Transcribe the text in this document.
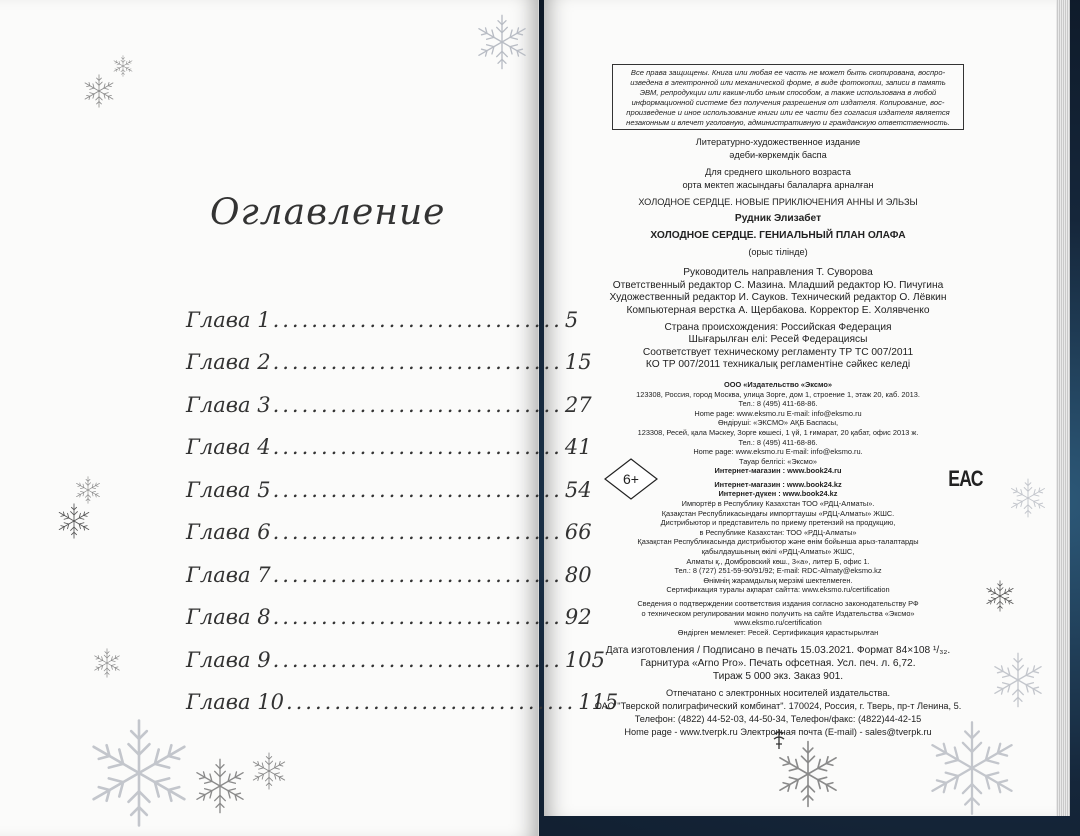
Оглавление
Глава 1 .............................. 5
Глава 2 .............................. 15
Глава 3 .............................. 27
Глава 4 .............................. 41
Глава 5 .............................. 54
Глава 6 .............................. 66
Глава 7 .............................. 80
Глава 8 .............................. 92
Глава 9 .............................. 105
Глава 10 .............................. 115
Все права защищены. Книга или любая ее часть не может быть скопирована, воспро-
изведена в электронной или механической форме, в виде фотокопии, записи в память
ЭВМ, репродукции или каким-либо иным способом, а также использована в любой
информационной системе без получения разрешения от издателя. Копирование, вос-
произведение и иное использование книги или ее части без согласия издателя является
незаконным и влечет уголовную, административную и гражданскую ответственность.
Литературно-художественное издание
әдеби-көркемдік баспа
Для среднего школьного возраста
орта мектеп жасындағы балаларға арналған
ХОЛОДНОЕ СЕРДЦЕ. НОВЫЕ ПРИКЛЮЧЕНИЯ АННЫ И ЭЛЬЗЫ
Рудник Элизабет
ХОЛОДНОЕ СЕРДЦЕ. ГЕНИАЛЬНЫЙ ПЛАН ОЛАФА
(орыс тілінде)
Руководитель направления Т. Суворова
Ответственный редактор С. Мазина. Младший редактор Ю. Пичугина
Художественный редактор И. Сауков. Технический редактор О. Лёвкин
Компьютерная верстка А. Щербакова. Корректор Е. Холявченко
Страна происхождения: Российская Федерация
Шығарылған елі: Ресей Федерациясы
Соответствует техническому регламенту ТР ТС 007/2011
КО ТР 007/2011 техникалық регламентіне сәйкес келеді
ООО «Издательство «Эксмо»
123308, Россия, город Москва, улица Зорге, дом 1, строение 1, этаж 20, каб. 2013.
Тел.: 8 (495) 411-68-86.
Home page: www.eksmo.ru E-mail: info@eksmo.ru
Өндіруші: «ЭКСМО» АҚБ Баспасы,
123308, Ресей, қала Мәскеу, Зорге көшесі, 1 үй, 1 ғимарат, 20 қабат, офис 2013 ж.
Тел.: 8 (495) 411-68-86.
Home page: www.eksmo.ru E-mail: info@eksmo.ru.
Тауар белгісі: «Эксмо»
Интернет-магазин : www.book24.ru
Интернет-магазин : www.book24.kz
Интернет-дүкен : www.book24.kz
Импортёр в Республику Казахстан ТОО «РДЦ-Алматы».
Қазақстан Республикасындағы импорттаушы «РДЦ-Алматы» ЖШС.
Дистрибьютор и представитель по приему претензий на продукцию,
в Республике Казахстан: ТОО «РДЦ-Алматы»
Қазақстан Республикасында дистрибьютор және өнім бойынша арыз-талаптарды
қабылдаушының өкілі «РДЦ-Алматы» ЖШС,
Алматы қ., Домбровский көш., 3«а», литер Б, офис 1.
Тел.: 8 (727) 251-59-90/91/92; E-mail: RDC-Almaty@eksmo.kz
Өнімнің жарамдылық мерзімі шектелмеген.
Сертификация туралы ақпарат сайтта: www.eksmo.ru/certification
Сведения о подтверждении соответствия издания согласно законодательству РФ
о техническом регулировании можно получить на сайте Издательства «Эксмо»
www.eksmo.ru/certification
Өндірген мемлекет: Ресей. Сертификация қарастырылған
Дата изготовления / Подписано в печать 15.03.2021. Формат 84×108 ¹/₃₂.
Гарнитура «Arno Pro». Печать офсетная. Усл. печ. л. 6,72.
Тираж 5 000 экз. Заказ 901.
Отпечатано с электронных носителей издательства.
ОАО "Тверской полиграфический комбинат". 170024, Россия, г. Тверь, пр-т Ленина, 5.
Телефон: (4822) 44-52-03, 44-50-34, Телефон/факс: (4822)44-42-15
Home page - www.tverpk.ru Электронная почта (E-mail) - sales@tverpk.ru
6+	ЕАС
